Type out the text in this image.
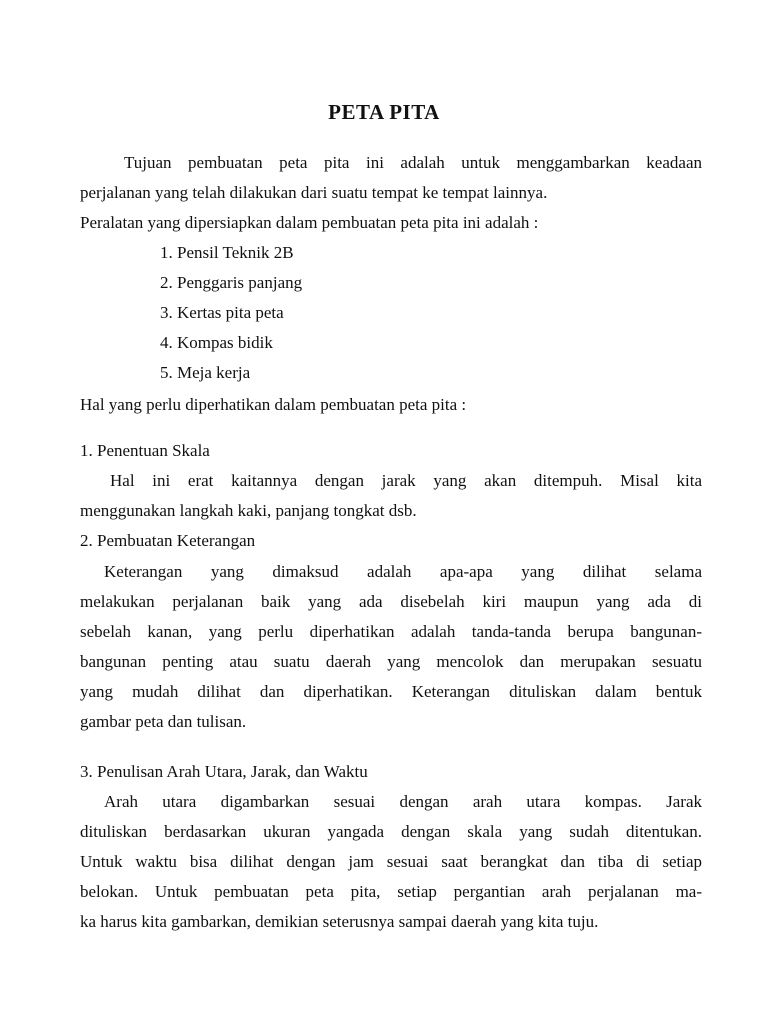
PETA PITA
Tujuan pembuatan peta pita ini adalah untuk menggambarkan keadaan
perjalanan yang telah dilakukan dari suatu tempat ke tempat lainnya.
Peralatan yang dipersiapkan dalam pembuatan peta pita ini adalah :
1. Pensil Teknik 2B
2. Penggaris panjang
3. Kertas pita peta
4. Kompas bidik
5. Meja kerja
Hal yang perlu diperhatikan dalam pembuatan peta pita :
1. Penentuan Skala
Hal ini erat kaitannya dengan jarak yang akan ditempuh. Misal kita
menggunakan langkah kaki, panjang tongkat dsb.
2. Pembuatan Keterangan
Keterangan yang dimaksud adalah apa-apa yang dilihat selama
melakukan perjalanan baik yang ada disebelah kiri maupun yang ada di
sebelah kanan, yang perlu diperhatikan adalah tanda-tanda berupa bangunan-
bangunan penting atau suatu daerah yang mencolok dan merupakan sesuatu
yang mudah dilihat dan diperhatikan. Keterangan dituliskan dalam bentuk
gambar peta dan tulisan.
3. Penulisan Arah Utara, Jarak, dan Waktu
Arah utara digambarkan sesuai dengan arah utara kompas. Jarak
dituliskan berdasarkan ukuran yangada dengan skala yang sudah ditentukan.
Untuk waktu bisa dilihat dengan jam sesuai saat berangkat dan tiba di setiap
belokan. Untuk pembuatan peta pita, setiap pergantian arah perjalanan ma-
ka harus kita gambarkan, demikian seterusnya sampai daerah yang kita tuju.
